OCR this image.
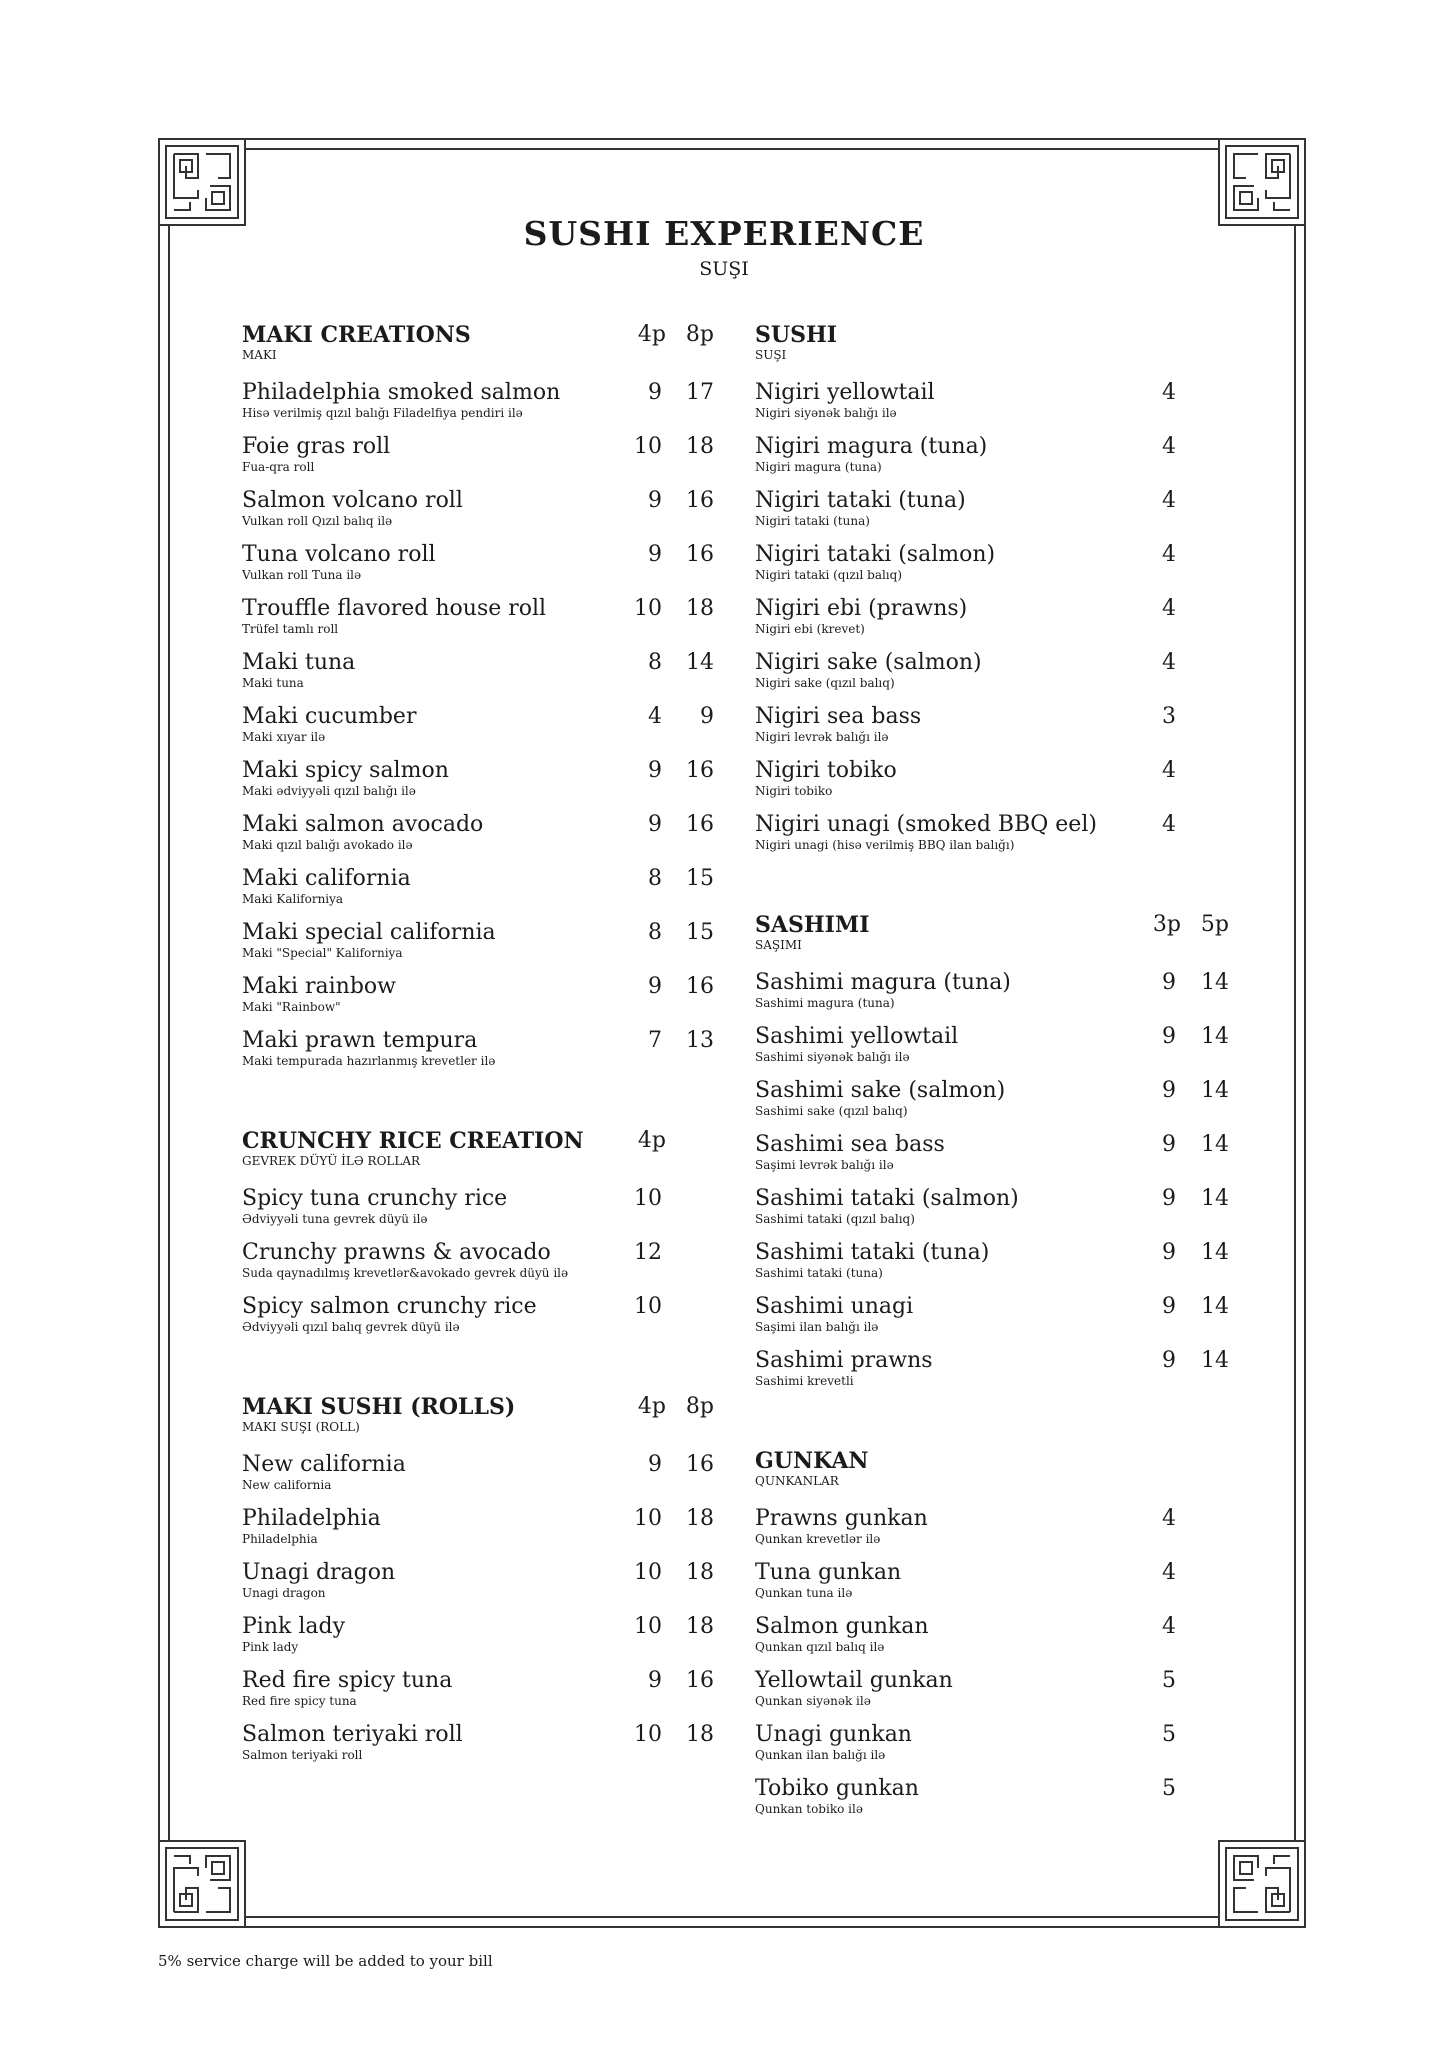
SUSHI EXPERIENCE
SUŞI
MAKI CREATIONS
MAKI
4p 8p
Philadelphia smoked salmon
Hisə verilmiş qızıl balığı Filadelfiya pendiri ilə
9 17
Foie gras roll
Fua-qra roll
10 18
Salmon volcano roll
Vulkan roll Qızıl balıq ilə
9 16
Tuna volcano roll
Vulkan roll Tuna ilə
9 16
Trouffle flavored house roll
Trüfel tamlı roll
10 18
Maki tuna
Maki tuna
8 14
Maki cucumber
Maki xıyar ilə
4 9
Maki spicy salmon
Maki ədviyyəli qızıl balığı ilə
9 16
Maki salmon avocado
Maki qızıl balığı avokado ilə
9 16
Maki california
Maki Kaliforniya
8 15
Maki special california
Maki "Special" Kaliforniya
8 15
Maki rainbow
Maki "Rainbow"
9 16
Maki prawn tempura
Maki tempurada hazırlanmış krevetler ilə
7 13
CRUNCHY RICE CREATION
GEVREK DÜYÜ İLƏ ROLLAR
4p
Spicy tuna crunchy rice
Ədviyyəli tuna gevrek düyü ilə
10
Crunchy prawns & avocado
Suda qaynadılmış krevetlər&avokado gevrek düyü ilə
12
Spicy salmon crunchy rice
Ədviyyəli qızıl balıq gevrek düyü ilə
10
MAKI SUSHI (ROLLS)
MAKI SUŞI (ROLL)
4p 8p
New california
New california
9 16
Philadelphia
Philadelphia
10 18
Unagi dragon
Unagi dragon
10 18
Pink lady
Pink lady
10 18
Red fire spicy tuna
Red fire spicy tuna
9 16
Salmon teriyaki roll
Salmon teriyaki roll
10 18
SUSHI
SUŞI
Nigiri yellowtail
Nigiri siyənək balığı ilə
4
Nigiri magura (tuna)
Nigiri magura (tuna)
4
Nigiri tataki (tuna)
Nigiri tataki (tuna)
4
Nigiri tataki (salmon)
Nigiri tataki (qızıl balıq)
4
Nigiri ebi (prawns)
Nigiri ebi (krevet)
4
Nigiri sake (salmon)
Nigiri sake (qızıl balıq)
4
Nigiri sea bass
Nigiri levrək balığı ilə
3
Nigiri tobiko
Nigiri tobiko
4
Nigiri unagi (smoked BBQ eel)
Nigiri unagi (hisə verilmiş BBQ ilan balığı)
4
SASHIMI
SAŞIMI
3p 5p
Sashimi magura (tuna)
Sashimi magura (tuna)
9 14
Sashimi yellowtail
Sashimi siyənək balığı ilə
9 14
Sashimi sake (salmon)
Sashimi sake (qızıl balıq)
9 14
Sashimi sea bass
Saşimi levrək balığı ilə
9 14
Sashimi tataki (salmon)
Sashimi tataki (qızıl balıq)
9 14
Sashimi tataki (tuna)
Sashimi tataki (tuna)
9 14
Sashimi unagi
Saşimi ilan balığı ilə
9 14
Sashimi prawns
Sashimi krevetli
9 14
GUNKAN
QUNKANLAR
Prawns gunkan
Qunkan krevetlər ilə
4
Tuna gunkan
Qunkan tuna ilə
4
Salmon gunkan
Qunkan qızıl balıq ilə
4
Yellowtail gunkan
Qunkan siyənək ilə
5
Unagi gunkan
Qunkan ilan balığı ilə
5
Tobiko gunkan
Qunkan tobiko ilə
5
5% service charge will be added to your bill
